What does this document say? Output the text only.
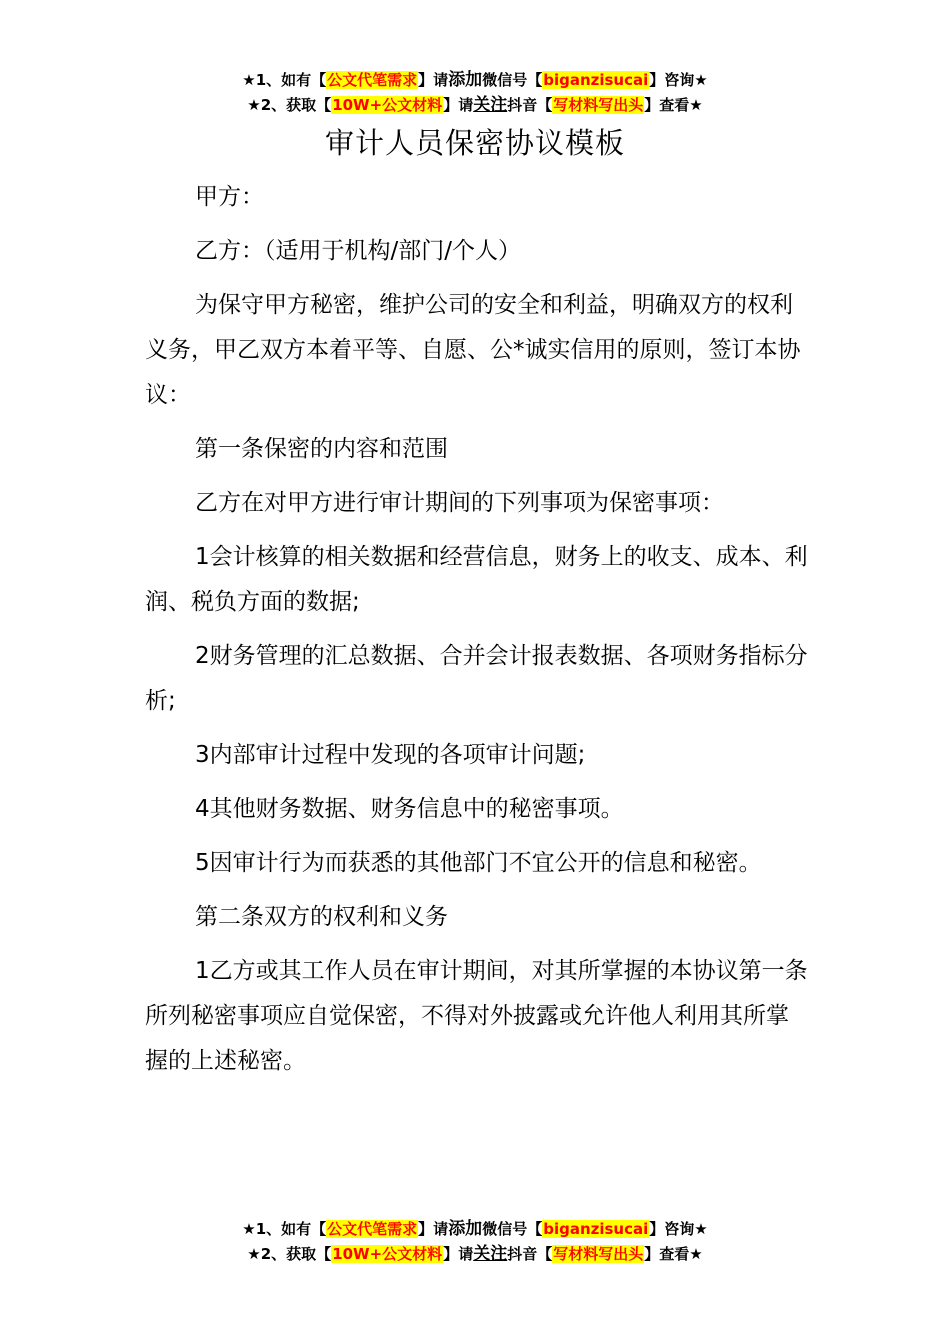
★1、如有【公文代笔需求】请添加微信号【biganzisucai】咨询★
★2、获取【10W+公文材料】请关注抖音【写材料写出头】查看★
审计人员保密协议模板

甲方：

乙方：（适用于机构/部门/个人）

为保守甲方秘密，维护公司的安全和利益，明确双方的权利义务，甲乙双方本着平等、自愿、公*诚实信用的原则，签订本协议：

第一条保密的内容和范围

乙方在对甲方进行审计期间的下列事项为保密事项：

1会计核算的相关数据和经营信息，财务上的收支、成本、利润、税负方面的数据;

2财务管理的汇总数据、合并会计报表数据、各项财务指标分析;

3内部审计过程中发现的各项审计问题;

4其他财务数据、财务信息中的秘密事项。

5因审计行为而获悉的其他部门不宜公开的信息和秘密。

第二条双方的权利和义务

1乙方或其工作人员在审计期间，对其所掌握的本协议第一条所列秘密事项应自觉保密，不得对外披露或允许他人利用其所掌握的上述秘密。

★1、如有【公文代笔需求】请添加微信号【biganzisucai】咨询★
★2、获取【10W+公文材料】请关注抖音【写材料写出头】查看★
